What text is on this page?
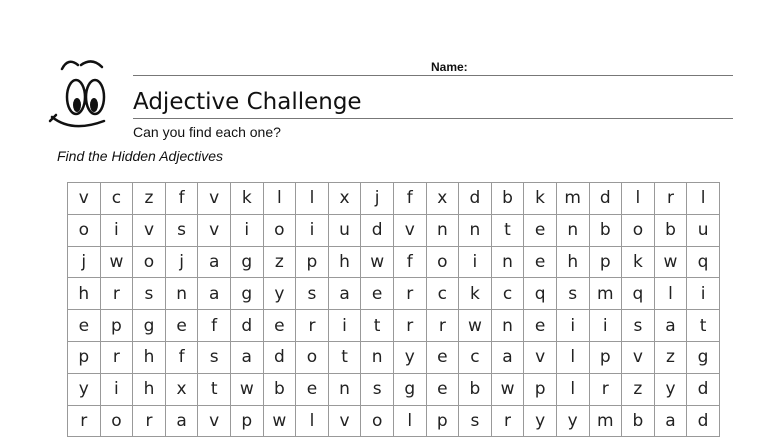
Name:
Adjective Challenge
Can you find each one?
Find the Hidden Adjectives
v	c	z	f	v	k	l	l	x	j	f	x	d	b	k	m	d	l	r	l
o	i	v	s	v	i	o	i	u	d	v	n	n	t	e	n	b	o	b	u
j	w	o	j	a	g	z	p	h	w	f	o	i	n	e	h	p	k	w	q
h	r	s	n	a	g	y	s	a	e	r	c	k	c	q	s	m	q	l	i
e	p	g	e	f	d	e	r	i	t	r	r	w	n	e	i	i	s	a	t
p	r	h	f	s	a	d	o	t	n	y	e	c	a	v	l	p	v	z	g
y	i	h	x	t	w	b	e	n	s	g	e	b	w	p	l	r	z	y	d
r	o	r	a	v	p	w	l	v	o	l	p	s	r	y	y	m	b	a	d
